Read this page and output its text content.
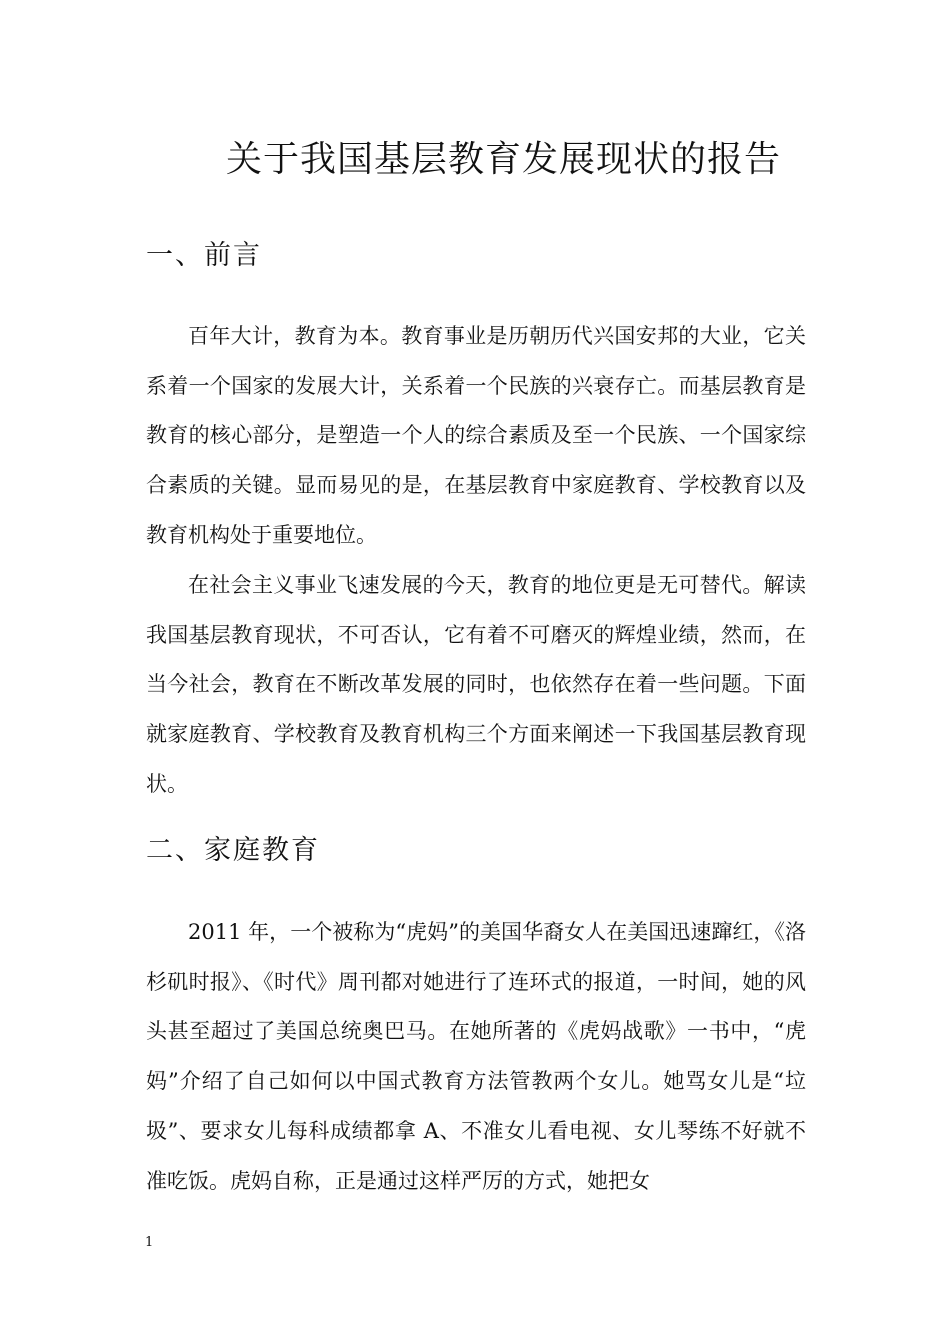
关于我国基层教育发展现状的报告
一、前言

百年大计，教育为本。教育事业是历朝历代兴国安邦的大业，它关系着一个国家的发展大计，关系着一个民族的兴衰存亡。而基层教育是教育的核心部分，是塑造一个人的综合素质及至一个民族、一个国家综合素质的关键。显而易见的是，在基层教育中家庭教育、学校教育以及教育机构处于重要地位。

在社会主义事业飞速发展的今天，教育的地位更是无可替代。解读我国基层教育现状，不可否认，它有着不可磨灭的辉煌业绩，然而，在当今社会，教育在不断改革发展的同时，也依然存在着一些问题。下面就家庭教育、学校教育及教育机构三个方面来阐述一下我国基层教育现状。

二、家庭教育

2011 年，一个被称为“虎妈”的美国华裔女人在美国迅速蹿红，《洛杉矶时报》、《时代》周刊都对她进行了连环式的报道，一时间，她的风头甚至超过了美国总统奥巴马。在她所著的《虎妈战歌》一书中，“虎妈”介绍了自己如何以中国式教育方法管教两个女儿。她骂女儿是“垃圾”、要求女儿每科成绩都拿 A、不准女儿看电视、女儿琴练不好就不准吃饭。虎妈自称，正是通过这样严厉的方式，她把女

1
